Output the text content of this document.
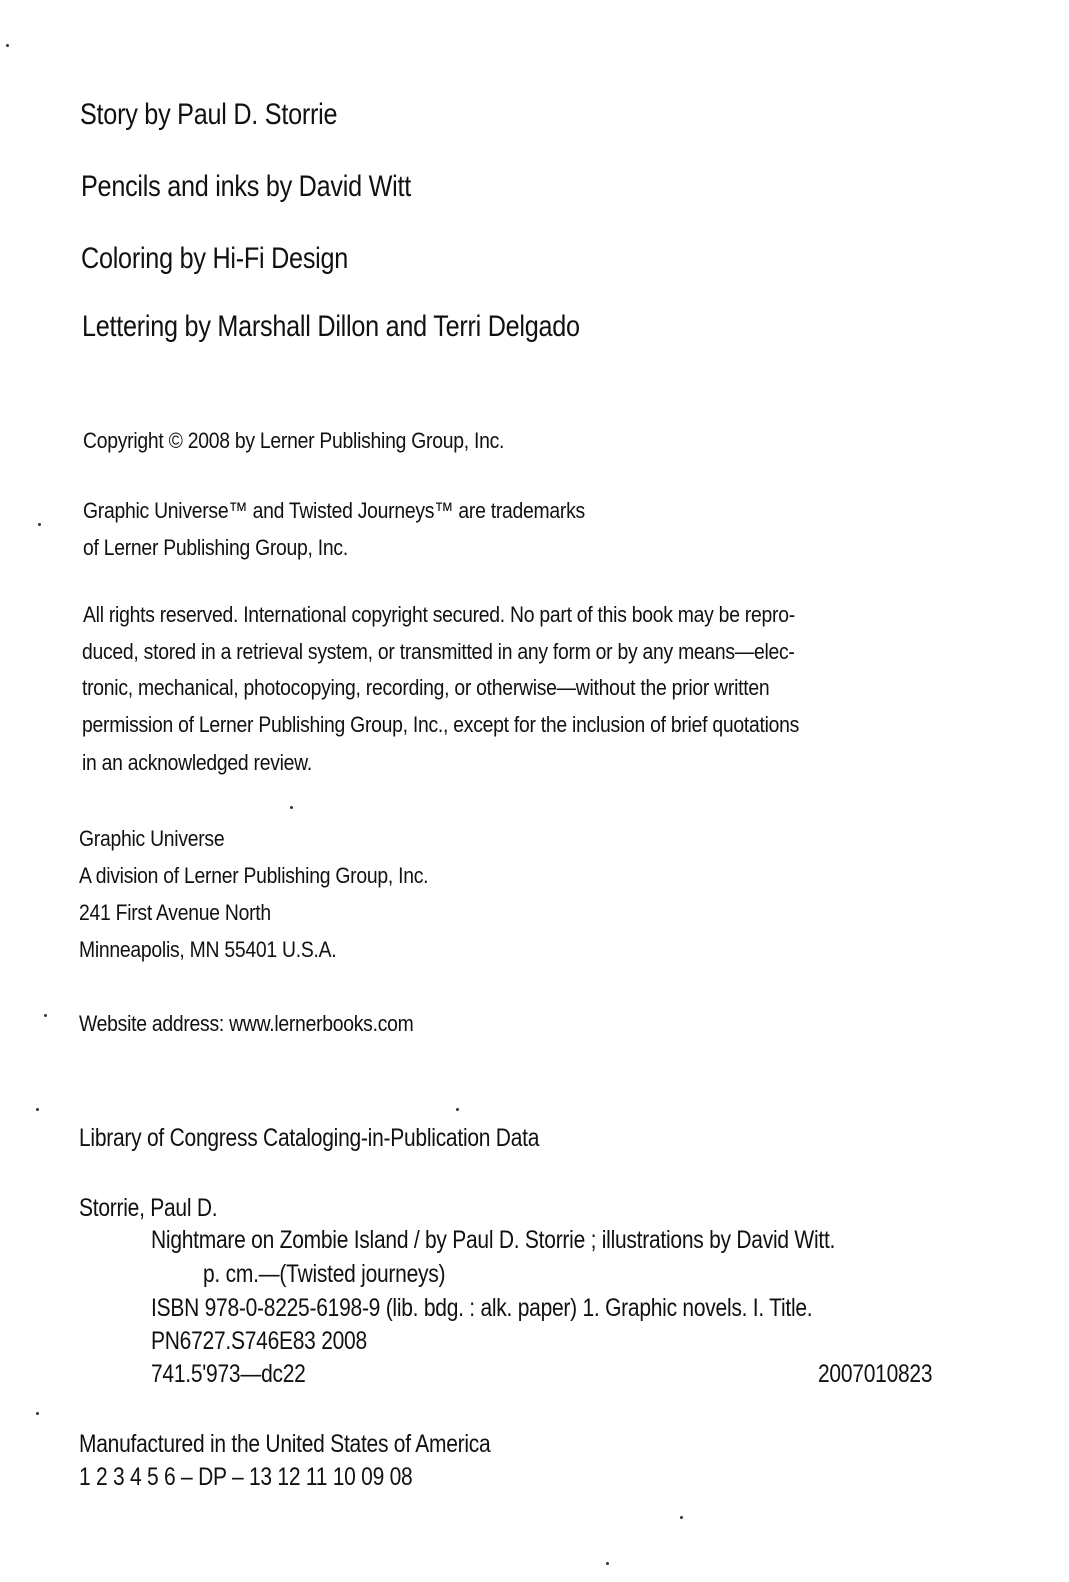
Story by Paul D. Storrie
Pencils and inks by David Witt
Coloring by Hi-Fi Design
Lettering by Marshall Dillon and Terri Delgado
Copyright © 2008 by Lerner Publishing Group, Inc.
Graphic Universe™ and Twisted Journeys™ are trademarks
of Lerner Publishing Group, Inc.
All rights reserved. International copyright secured. No part of this book may be repro-
duced, stored in a retrieval system, or transmitted in any form or by any means—elec-
tronic, mechanical, photocopying, recording, or otherwise—without the prior written
permission of Lerner Publishing Group, Inc., except for the inclusion of brief quotations
in an acknowledged review.
Graphic Universe
A division of Lerner Publishing Group, Inc.
241 First Avenue North
Minneapolis, MN 55401 U.S.A.
Website address: www.lernerbooks.com
Library of Congress Cataloging-in-Publication Data
Storrie, Paul D.
Nightmare on Zombie Island / by Paul D. Storrie ; illustrations by David Witt.
p. cm.—(Twisted journeys)
ISBN 978-0-8225-6198-9 (lib. bdg. : alk. paper) 1. Graphic novels. I. Title.
PN6727.S746E83 2008
741.5'973—dc22	2007010823
Manufactured in the United States of America
1 2 3 4 5 6 – DP – 13 12 11 10 09 08
